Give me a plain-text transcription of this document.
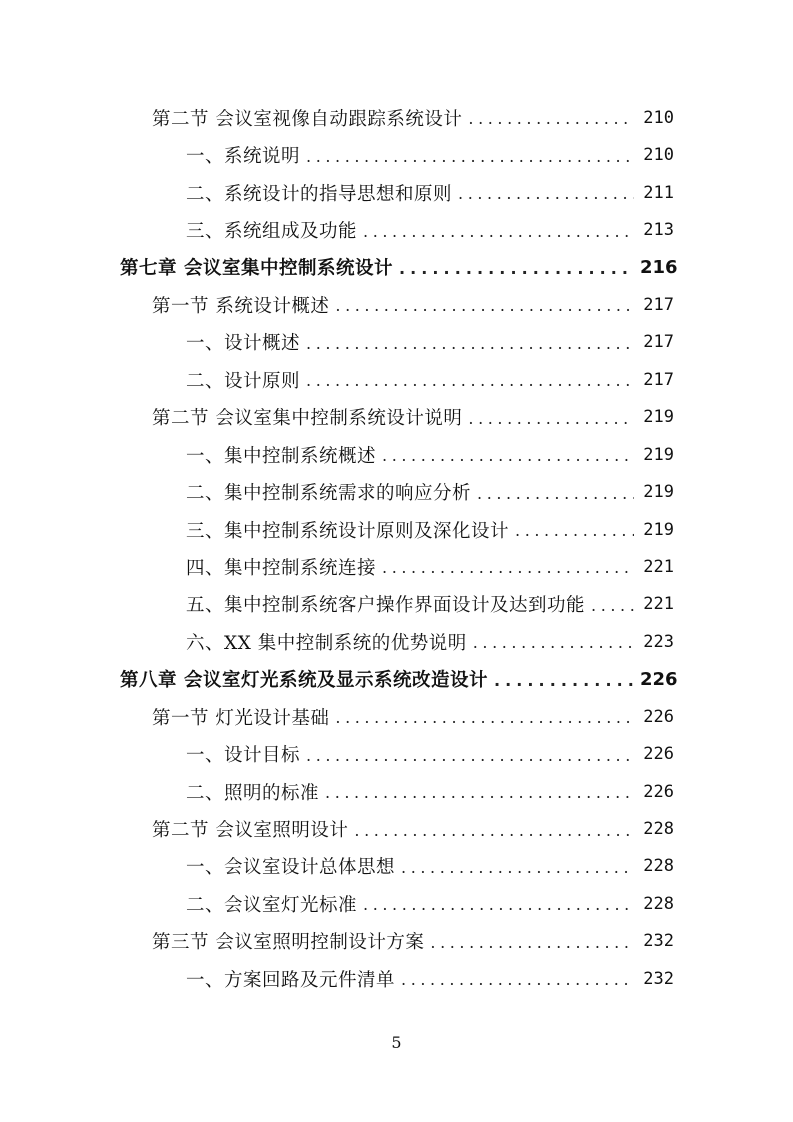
第二节 会议室视像自动跟踪系统设计 . . .	210
一、系统说明 . . .	210
二、系统设计的指导思想和原则 . . .	211
三、系统组成及功能 . . .	213
第七章 会议室集中控制系统设计 . . .	216
第一节 系统设计概述 . . .	217
一、设计概述 . . .	217
二、设计原则 . . .	217
第二节 会议室集中控制系统设计说明 . . .	219
一、集中控制系统概述 . . .	219
二、集中控制系统需求的响应分析 . . .	219
三、集中控制系统设计原则及深化设计 . . .	219
四、集中控制系统连接 . . .	221
五、集中控制系统客户操作界面设计及达到功能 . . .	221
六、XX 集中控制系统的优势说明 . . .	223
第八章 会议室灯光系统及显示系统改造设计 . . .	226
第一节 灯光设计基础 . . .	226
一、设计目标 . . .	226
二、照明的标准 . . .	226
第二节 会议室照明设计 . . .	228
一、会议室设计总体思想 . . .	228
二、会议室灯光标准 . . .	228
第三节 会议室照明控制设计方案 . . .	232
一、方案回路及元件清单 . . .	232
5
